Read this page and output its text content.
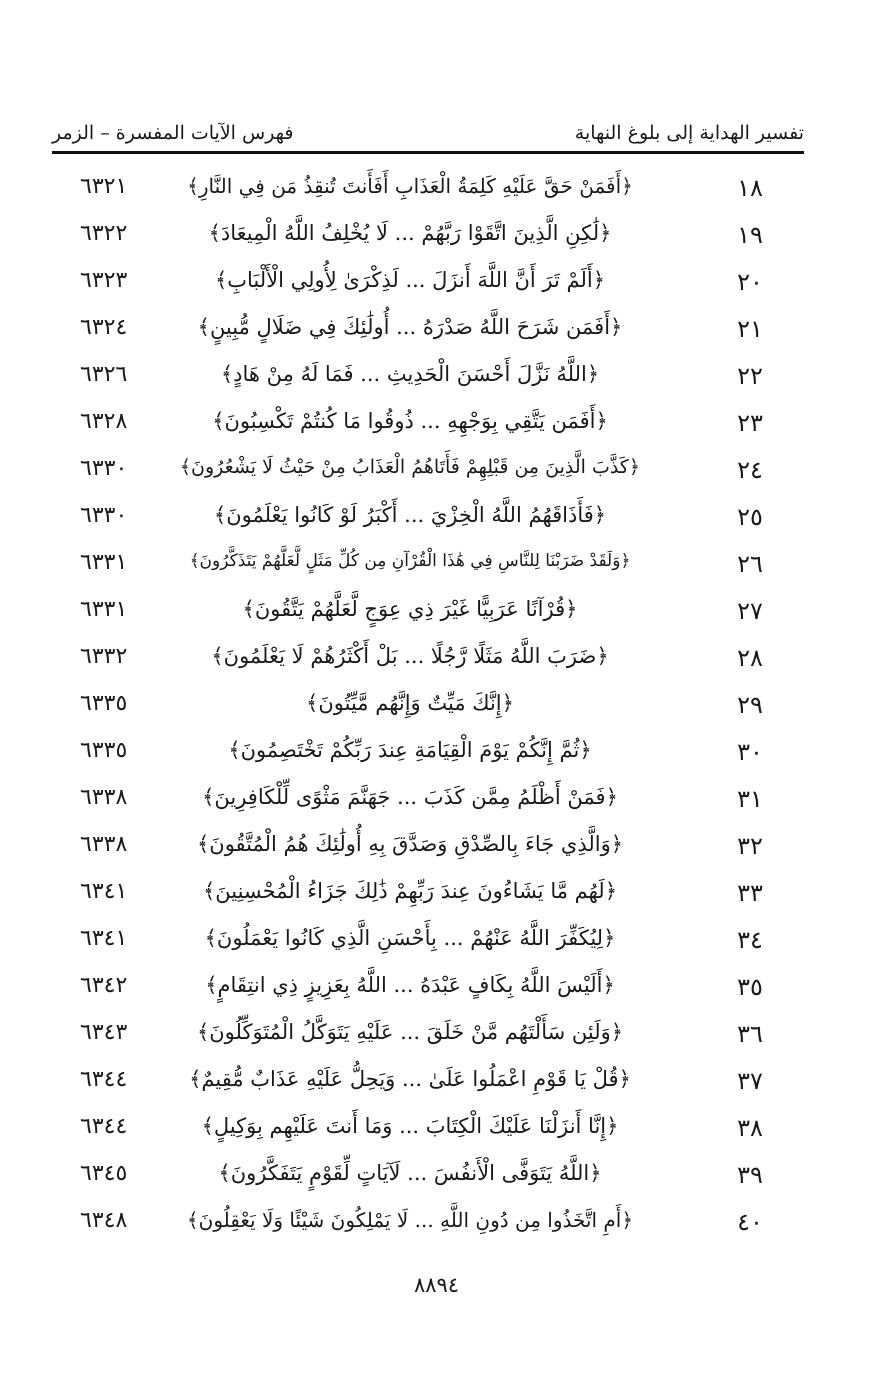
تفسير الهداية إلى بلوغ النهاية
فهرس الآيات المفسرة – الزمر
١٨
﴿أَفَمَنْ حَقَّ عَلَيْهِ كَلِمَةُ الْعَذَابِ أَفَأَنتَ تُنقِذُ مَن فِي النَّارِ﴾
٦٣٢١
١٩
﴿لَٰكِنِ الَّذِينَ اتَّقَوْا رَبَّهُمْ ... لَا يُخْلِفُ اللَّهُ الْمِيعَادَ﴾
٦٣٢٢
٢٠
﴿أَلَمْ تَرَ أَنَّ اللَّهَ أَنزَلَ ... لَذِكْرَىٰ لِأُولِي الْأَلْبَابِ﴾
٦٣٢٣
٢١
﴿أَفَمَن شَرَحَ اللَّهُ صَدْرَهُ ... أُولَٰئِكَ فِي ضَلَالٍ مُّبِينٍ﴾
٦٣٢٤
٢٢
﴿اللَّهُ نَزَّلَ أَحْسَنَ الْحَدِيثِ ... فَمَا لَهُ مِنْ هَادٍ﴾
٦٣٢٦
٢٣
﴿أَفَمَن يَتَّقِي بِوَجْهِهِ ... ذُوقُوا مَا كُنتُمْ تَكْسِبُونَ﴾
٦٣٢٨
٢٤
﴿كَذَّبَ الَّذِينَ مِن قَبْلِهِمْ فَأَتَاهُمُ الْعَذَابُ مِنْ حَيْثُ لَا يَشْعُرُونَ﴾
٦٣٣٠
٢٥
﴿فَأَذَاقَهُمُ اللَّهُ الْخِزْيَ ... أَكْبَرُ لَوْ كَانُوا يَعْلَمُونَ﴾
٦٣٣٠
٢٦
﴿وَلَقَدْ ضَرَبْنَا لِلنَّاسِ فِي هَٰذَا الْقُرْآنِ مِن كُلِّ مَثَلٍ لَّعَلَّهُمْ يَتَذَكَّرُونَ﴾
٦٣٣١
٢٧
﴿قُرْآنًا عَرَبِيًّا غَيْرَ ذِي عِوَجٍ لَّعَلَّهُمْ يَتَّقُونَ﴾
٦٣٣١
٢٨
﴿ضَرَبَ اللَّهُ مَثَلًا رَّجُلًا ... بَلْ أَكْثَرُهُمْ لَا يَعْلَمُونَ﴾
٦٣٣٢
٢٩
﴿إِنَّكَ مَيِّتٌ وَإِنَّهُم مَّيِّتُونَ﴾
٦٣٣٥
٣٠
﴿ثُمَّ إِنَّكُمْ يَوْمَ الْقِيَامَةِ عِندَ رَبِّكُمْ تَخْتَصِمُونَ﴾
٦٣٣٥
٣١
﴿فَمَنْ أَظْلَمُ مِمَّن كَذَبَ ... جَهَنَّمَ مَثْوًى لِّلْكَافِرِينَ﴾
٦٣٣٨
٣٢
﴿وَالَّذِي جَاءَ بِالصِّدْقِ وَصَدَّقَ بِهِ أُولَٰئِكَ هُمُ الْمُتَّقُونَ﴾
٦٣٣٨
٣٣
﴿لَهُم مَّا يَشَاءُونَ عِندَ رَبِّهِمْ ذَٰلِكَ جَزَاءُ الْمُحْسِنِينَ﴾
٦٣٤١
٣٤
﴿لِيُكَفِّرَ اللَّهُ عَنْهُمْ ... بِأَحْسَنِ الَّذِي كَانُوا يَعْمَلُونَ﴾
٦٣٤١
٣٥
﴿أَلَيْسَ اللَّهُ بِكَافٍ عَبْدَهُ ... اللَّهُ بِعَزِيزٍ ذِي انتِقَامٍ﴾
٦٣٤٢
٣٦
﴿وَلَئِن سَأَلْتَهُم مَّنْ خَلَقَ ... عَلَيْهِ يَتَوَكَّلُ الْمُتَوَكِّلُونَ﴾
٦٣٤٣
٣٧
﴿قُلْ يَا قَوْمِ اعْمَلُوا عَلَىٰ ... وَيَحِلُّ عَلَيْهِ عَذَابٌ مُّقِيمٌ﴾
٦٣٤٤
٣٨
﴿إِنَّا أَنزَلْنَا عَلَيْكَ الْكِتَابَ ... وَمَا أَنتَ عَلَيْهِم بِوَكِيلٍ﴾
٦٣٤٤
٣٩
﴿اللَّهُ يَتَوَفَّى الْأَنفُسَ ... لَآيَاتٍ لِّقَوْمٍ يَتَفَكَّرُونَ﴾
٦٣٤٥
٤٠
﴿أَمِ اتَّخَذُوا مِن دُونِ اللَّهِ ... لَا يَمْلِكُونَ شَيْئًا وَلَا يَعْقِلُونَ﴾
٦٣٤٨
٨٨٩٤
